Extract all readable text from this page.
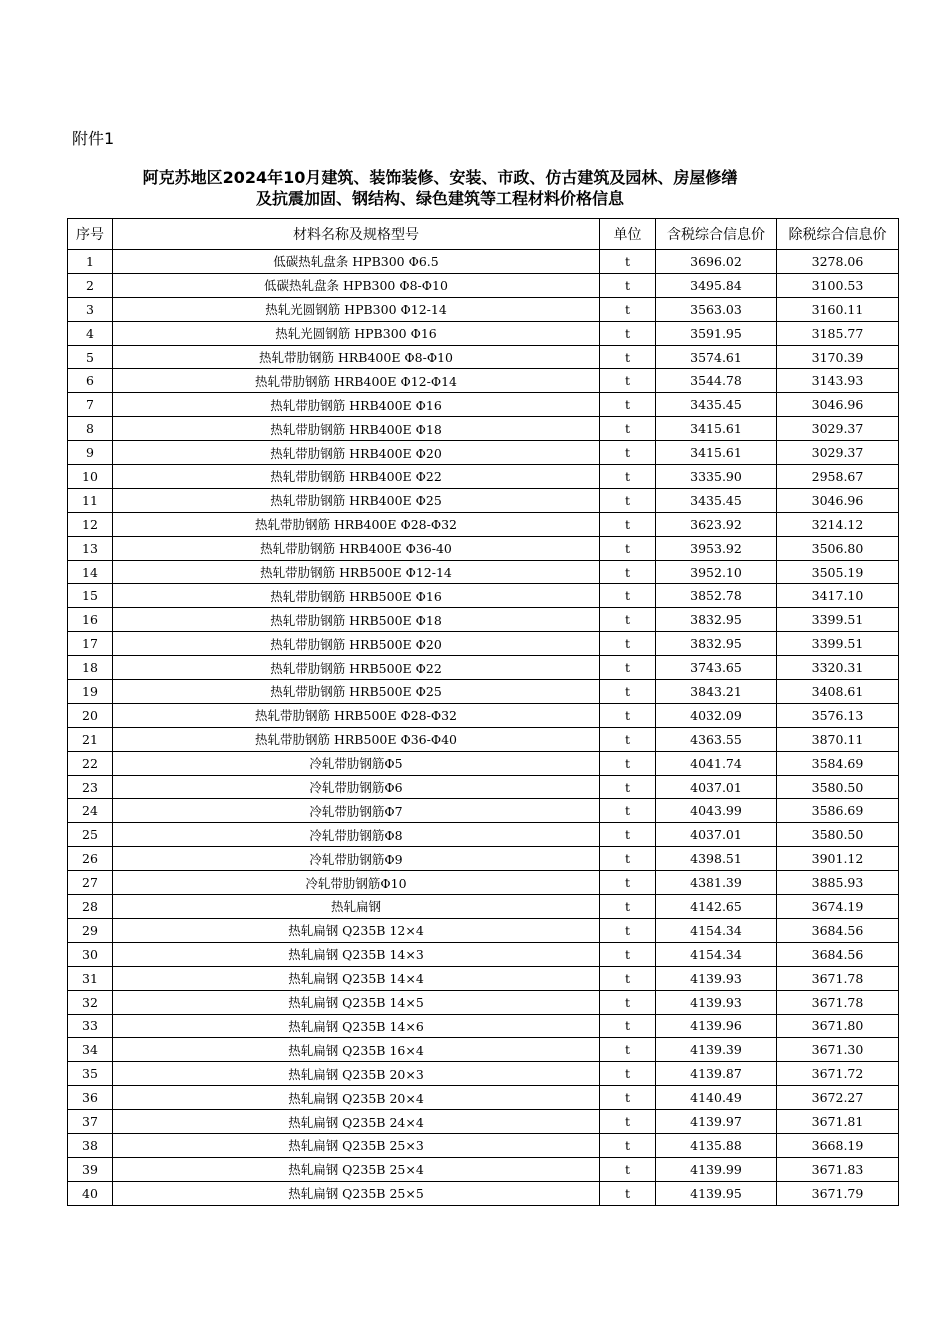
附件1
阿克苏地区2024年10月建筑、装饰装修、安装、市政、仿古建筑及园林、房屋修缮
及抗震加固、钢结构、绿色建筑等工程材料价格信息
序号	材料名称及规格型号	单位	含税综合信息价	除税综合信息价
1	低碳热轧盘条 HPB300 Φ6.5	t	3696.02	3278.06
2	低碳热轧盘条 HPB300 Φ8-Φ10	t	3495.84	3100.53
3	热轧光圆钢筋 HPB300 Φ12-14	t	3563.03	3160.11
4	热轧光圆钢筋 HPB300 Φ16	t	3591.95	3185.77
5	热轧带肋钢筋 HRB400E Φ8-Φ10	t	3574.61	3170.39
6	热轧带肋钢筋 HRB400E Φ12-Φ14	t	3544.78	3143.93
7	热轧带肋钢筋 HRB400E Φ16	t	3435.45	3046.96
8	热轧带肋钢筋 HRB400E Φ18	t	3415.61	3029.37
9	热轧带肋钢筋 HRB400E Φ20	t	3415.61	3029.37
10	热轧带肋钢筋 HRB400E Φ22	t	3335.90	2958.67
11	热轧带肋钢筋 HRB400E Φ25	t	3435.45	3046.96
12	热轧带肋钢筋 HRB400E Φ28-Φ32	t	3623.92	3214.12
13	热轧带肋钢筋 HRB400E Φ36-40	t	3953.92	3506.80
14	热轧带肋钢筋 HRB500E Φ12-14	t	3952.10	3505.19
15	热轧带肋钢筋 HRB500E Φ16	t	3852.78	3417.10
16	热轧带肋钢筋 HRB500E Φ18	t	3832.95	3399.51
17	热轧带肋钢筋 HRB500E Φ20	t	3832.95	3399.51
18	热轧带肋钢筋 HRB500E Φ22	t	3743.65	3320.31
19	热轧带肋钢筋 HRB500E Φ25	t	3843.21	3408.61
20	热轧带肋钢筋 HRB500E Φ28-Φ32	t	4032.09	3576.13
21	热轧带肋钢筋 HRB500E Φ36-Φ40	t	4363.55	3870.11
22	冷轧带肋钢筋Φ5	t	4041.74	3584.69
23	冷轧带肋钢筋Φ6	t	4037.01	3580.50
24	冷轧带肋钢筋Φ7	t	4043.99	3586.69
25	冷轧带肋钢筋Φ8	t	4037.01	3580.50
26	冷轧带肋钢筋Φ9	t	4398.51	3901.12
27	冷轧带肋钢筋Φ10	t	4381.39	3885.93
28	热轧扁钢	t	4142.65	3674.19
29	热轧扁钢 Q235B 12×4	t	4154.34	3684.56
30	热轧扁钢 Q235B 14×3	t	4154.34	3684.56
31	热轧扁钢 Q235B 14×4	t	4139.93	3671.78
32	热轧扁钢 Q235B 14×5	t	4139.93	3671.78
33	热轧扁钢 Q235B 14×6	t	4139.96	3671.80
34	热轧扁钢 Q235B 16×4	t	4139.39	3671.30
35	热轧扁钢 Q235B 20×3	t	4139.87	3671.72
36	热轧扁钢 Q235B 20×4	t	4140.49	3672.27
37	热轧扁钢 Q235B 24×4	t	4139.97	3671.81
38	热轧扁钢 Q235B 25×3	t	4135.88	3668.19
39	热轧扁钢 Q235B 25×4	t	4139.99	3671.83
40	热轧扁钢 Q235B 25×5	t	4139.95	3671.79
